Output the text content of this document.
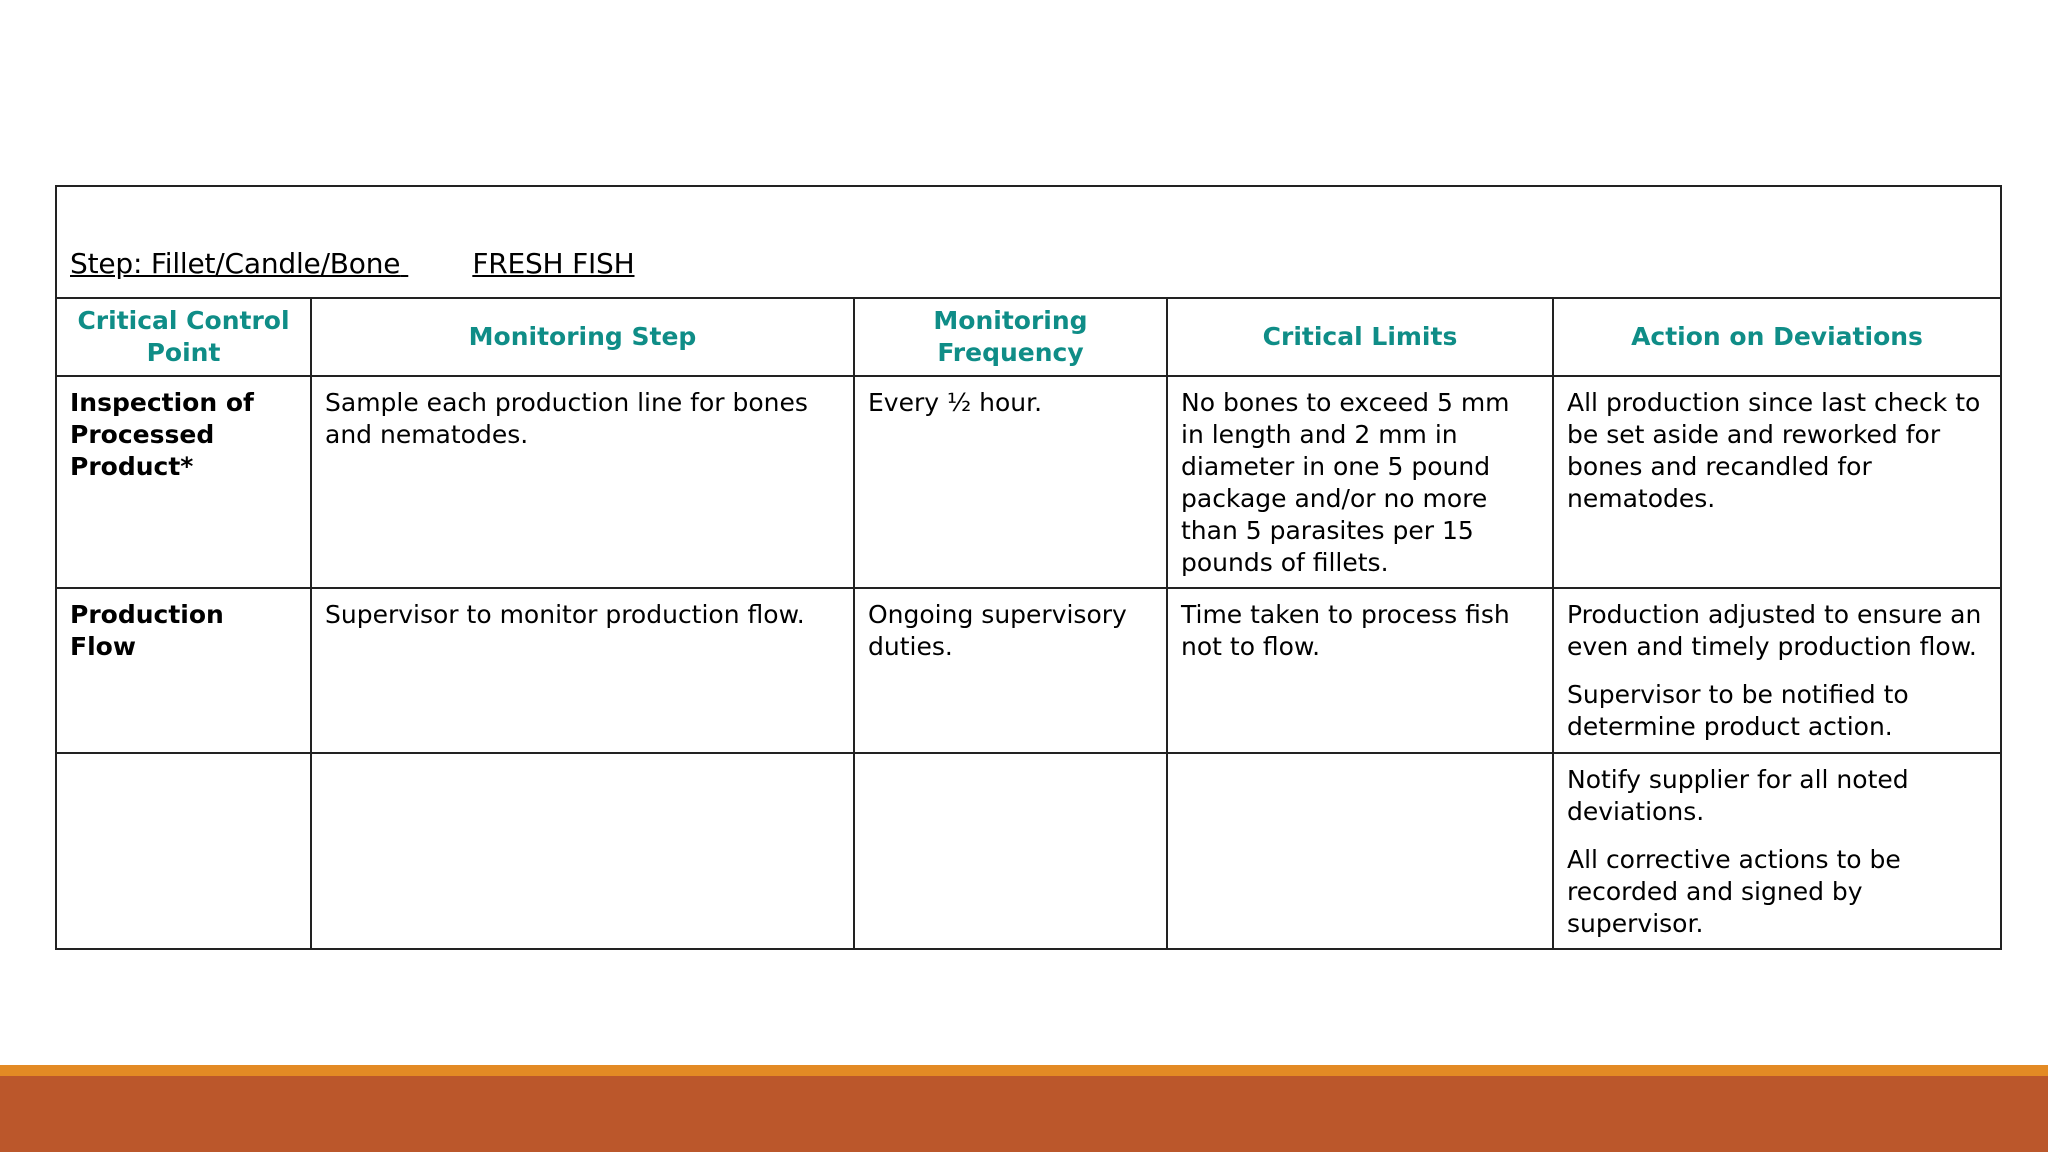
Step: Fillet/Candle/Bone FRESH FISH				
Critical Control Point	Monitoring Step	Monitoring Frequency	Critical Limits	Action on Deviations
Inspection of Processed Product*	Sample each production line for bones and nematodes.	Every ½ hour.	No bones to exceed 5 mm in length and 2 mm in diameter in one 5 pound package and/or no more than 5 parasites per 15 pounds of fillets.	All production since last check to be set aside and reworked for bones and recandled for nematodes.

Production Flow	Supervisor to monitor production flow.	Ongoing supervisory duties.	Time taken to process fish not to flow.	Production adjusted to ensure an even and timely production flow.

Supervisor to be notified to determine product action.

				Notify supplier for all noted deviations.

All corrective actions to be recorded and signed by supervisor.
